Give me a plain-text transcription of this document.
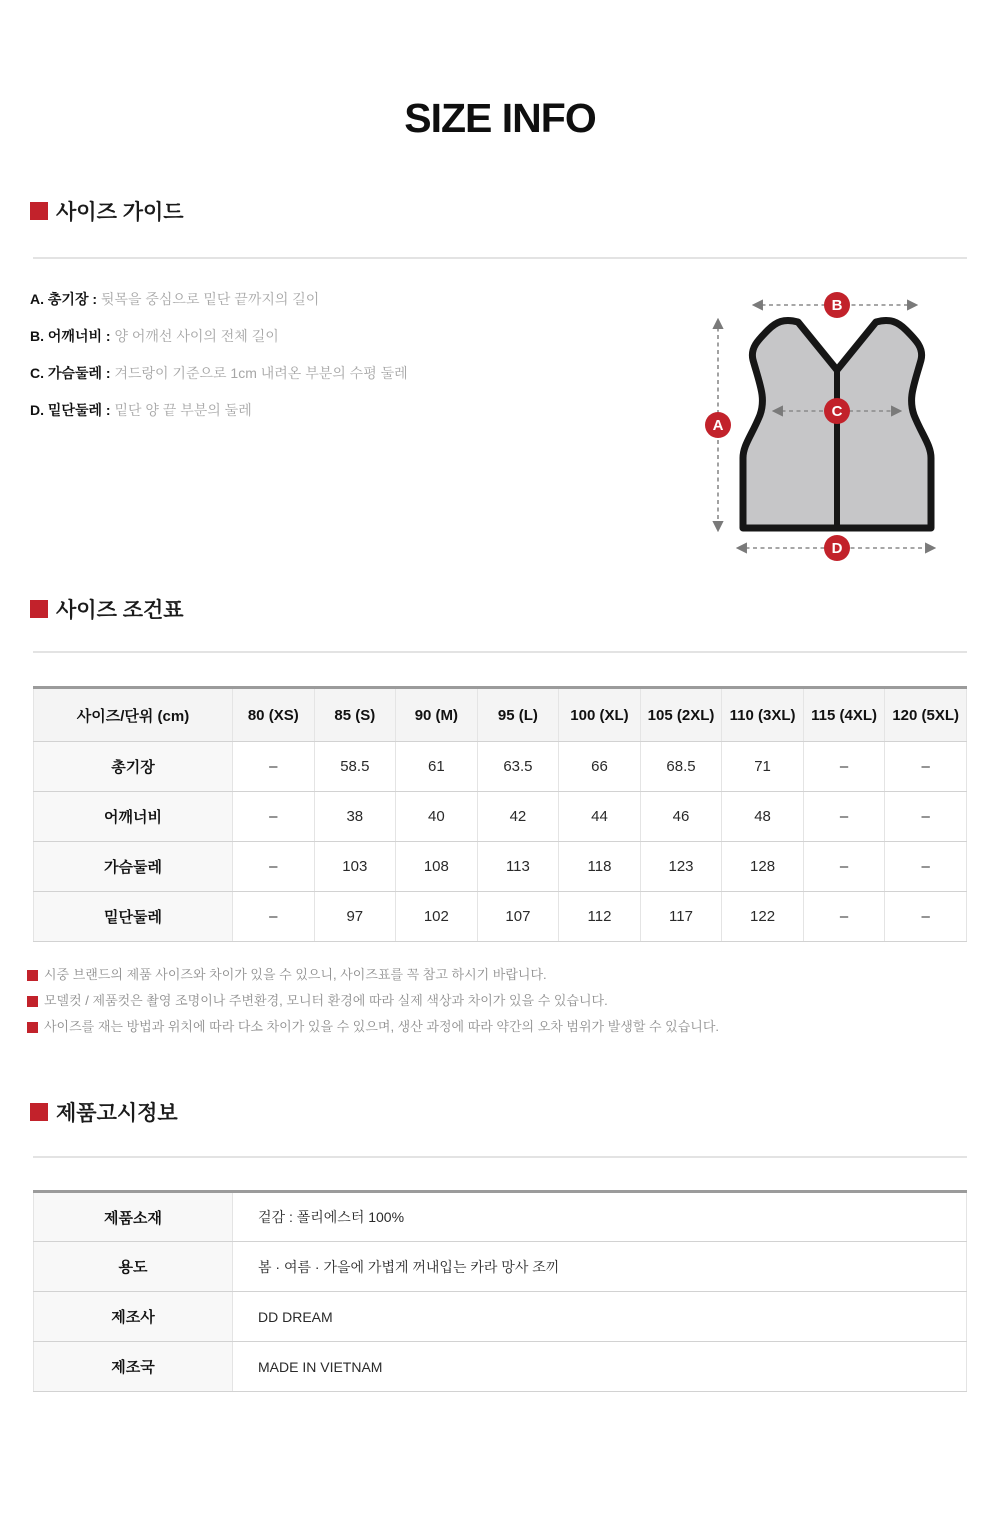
SIZE INFO
사이즈 가이드
A. 총기장 : 뒷목을 중심으로 밑단 끝까지의 길이
B. 어깨너비 : 양 어깨선 사이의 전체 길이
C. 가슴둘레 : 겨드랑이 기준으로 1cm 내려온 부분의 수평 둘레
D. 밑단둘레 : 밑단 양 끝 부분의 둘레
A
B
C
D
사이즈 조건표
사이즈/단위 (cm)	80 (XS)	85 (S)	90 (M)	95 (L)	100 (XL)	105 (2XL)	110 (3XL)	115 (4XL)	120 (5XL)
총기장	–	58.5	61	63.5	66	68.5	71	–	–
어깨너비	–	38	40	42	44	46	48	–	–
가슴둘레	–	103	108	113	118	123	128	–	–
밑단둘레	–	97	102	107	112	117	122	–	–
시중 브랜드의 제품 사이즈와 차이가 있을 수 있으니, 사이즈표를 꼭 참고 하시기 바랍니다.
모델컷 / 제품컷은 촬영 조명이나 주변환경, 모니터 환경에 따라 실제 색상과 차이가 있을 수 있습니다.
사이즈를 재는 방법과 위치에 따라 다소 차이가 있을 수 있으며, 생산 과정에 따라 약간의 오차 범위가 발생할 수 있습니다.
제품고시정보
제품소재	겉감 : 폴리에스터 100%
용도	봄 · 여름 · 가을에 가볍게 꺼내입는 카라 망사 조끼
제조사	DD DREAM
제조국	MADE IN VIETNAM
